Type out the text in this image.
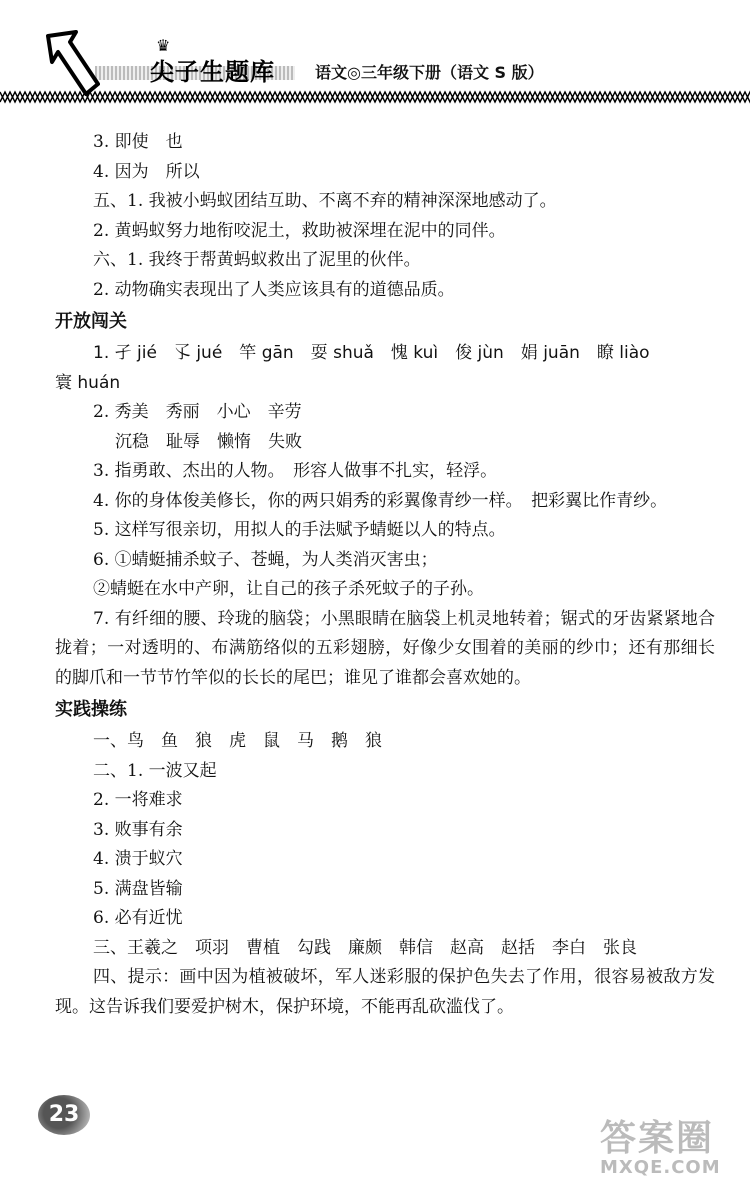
♛
尖子生题库	语文◎三年级下册（语文 S 版）
3. 即使　也
4. 因为　所以
五、1. 我被小蚂蚁团结互助、不离不弃的精神深深地感动了。
2. 黄蚂蚁努力地衔咬泥土，救助被深埋在泥中的同伴。
六、1. 我终于帮黄蚂蚁救出了泥里的伙伴。
2. 动物确实表现出了人类应该具有的道德品质。
开放闯关
1. 孑 jié　孓 jué　竿 gān　耍 shuǎ　愧 kuì　俊 jùn　娟 juān　瞭 liào
寰 huán
2. 秀美　秀丽　小心　辛劳
沉稳　耻辱　懒惰　失败
3. 指勇敢、杰出的人物。　形容人做事不扎实，轻浮。
4. 你的身体俊美修长，你的两只娟秀的彩翼像青纱一样。　把彩翼比作青纱。
5. 这样写很亲切，用拟人的手法赋予蜻蜓以人的特点。
6. ①蜻蜓捕杀蚊子、苍蝇，为人类消灭害虫；
②蜻蜓在水中产卵，让自己的孩子杀死蚊子的子孙。
7. 有纤细的腰、玲珑的脑袋；小黑眼睛在脑袋上机灵地转着；锯式的牙齿紧紧地合拢着；一对透明的、布满筋络似的五彩翅膀，好像少女围着的美丽的纱巾；还有那细长的脚爪和一节节竹竿似的长长的尾巴；谁见了谁都会喜欢她的。
实践操练
一、鸟　鱼　狼　虎　鼠　马　鹅　狼
二、1. 一波又起
2. 一将难求
3. 败事有余
4. 溃于蚁穴
5. 满盘皆输
6. 必有近忧
三、王羲之　项羽　曹植　勾践　廉颇　韩信　赵高　赵括　李白　张良
四、提示：画中因为植被破坏，军人迷彩服的保护色失去了作用，很容易被敌方发现。这告诉我们要爱护树木，保护环境，不能再乱砍滥伐了。
23
答案圈
MXQE.COM
